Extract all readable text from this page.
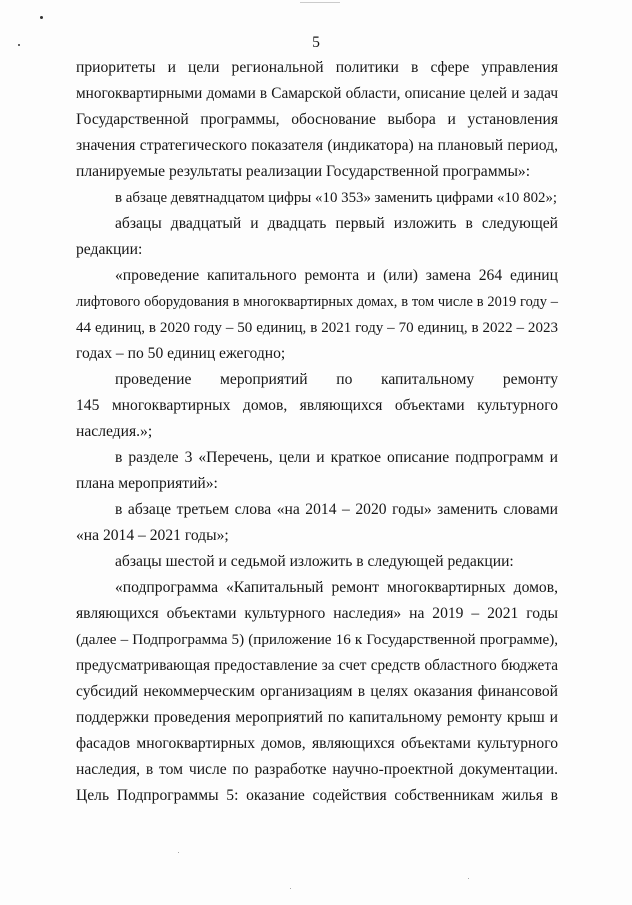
5
приоритеты и цели региональной политики в сфере управления
многоквартирными домами в Самарской области, описание целей и задач
Государственной программы, обоснование выбора и установления
значения стратегического показателя (индикатора) на плановый период,
планируемые результаты реализации Государственной программы»:
в абзаце девятнадцатом цифры «10 353» заменить цифрами «10 802»;
абзацы двадцатый и двадцать первый изложить в следующей
редакции:
«проведение капитального ремонта и (или) замена 264 единиц
лифтового оборудования в многоквартирных домах, в том числе в 2019 году –
44 единиц, в 2020 году – 50 единиц, в 2021 году – 70 единиц, в 2022 – 2023
годах – по 50 единиц ежегодно;
проведение мероприятий по капитальному ремонту
145 многоквартирных домов, являющихся объектами культурного
наследия.»;
в разделе 3 «Перечень, цели и краткое описание подпрограмм и
плана мероприятий»:
в абзаце третьем слова «на 2014 – 2020 годы» заменить словами
«на 2014 – 2021 годы»;
абзацы шестой и седьмой изложить в следующей редакции:
«подпрограмма «Капитальный ремонт многоквартирных домов,
являющихся объектами культурного наследия» на 2019 – 2021 годы
(далее – Подпрограмма 5) (приложение 16 к Государственной программе),
предусматривающая предоставление за счет средств областного бюджета
субсидий некоммерческим организациям в целях оказания финансовой
поддержки проведения мероприятий по капитальному ремонту крыш и
фасадов многоквартирных домов, являющихся объектами культурного
наследия, в том числе по разработке научно-проектной документации.
Цель Подпрограммы 5: оказание содействия собственникам жилья в
